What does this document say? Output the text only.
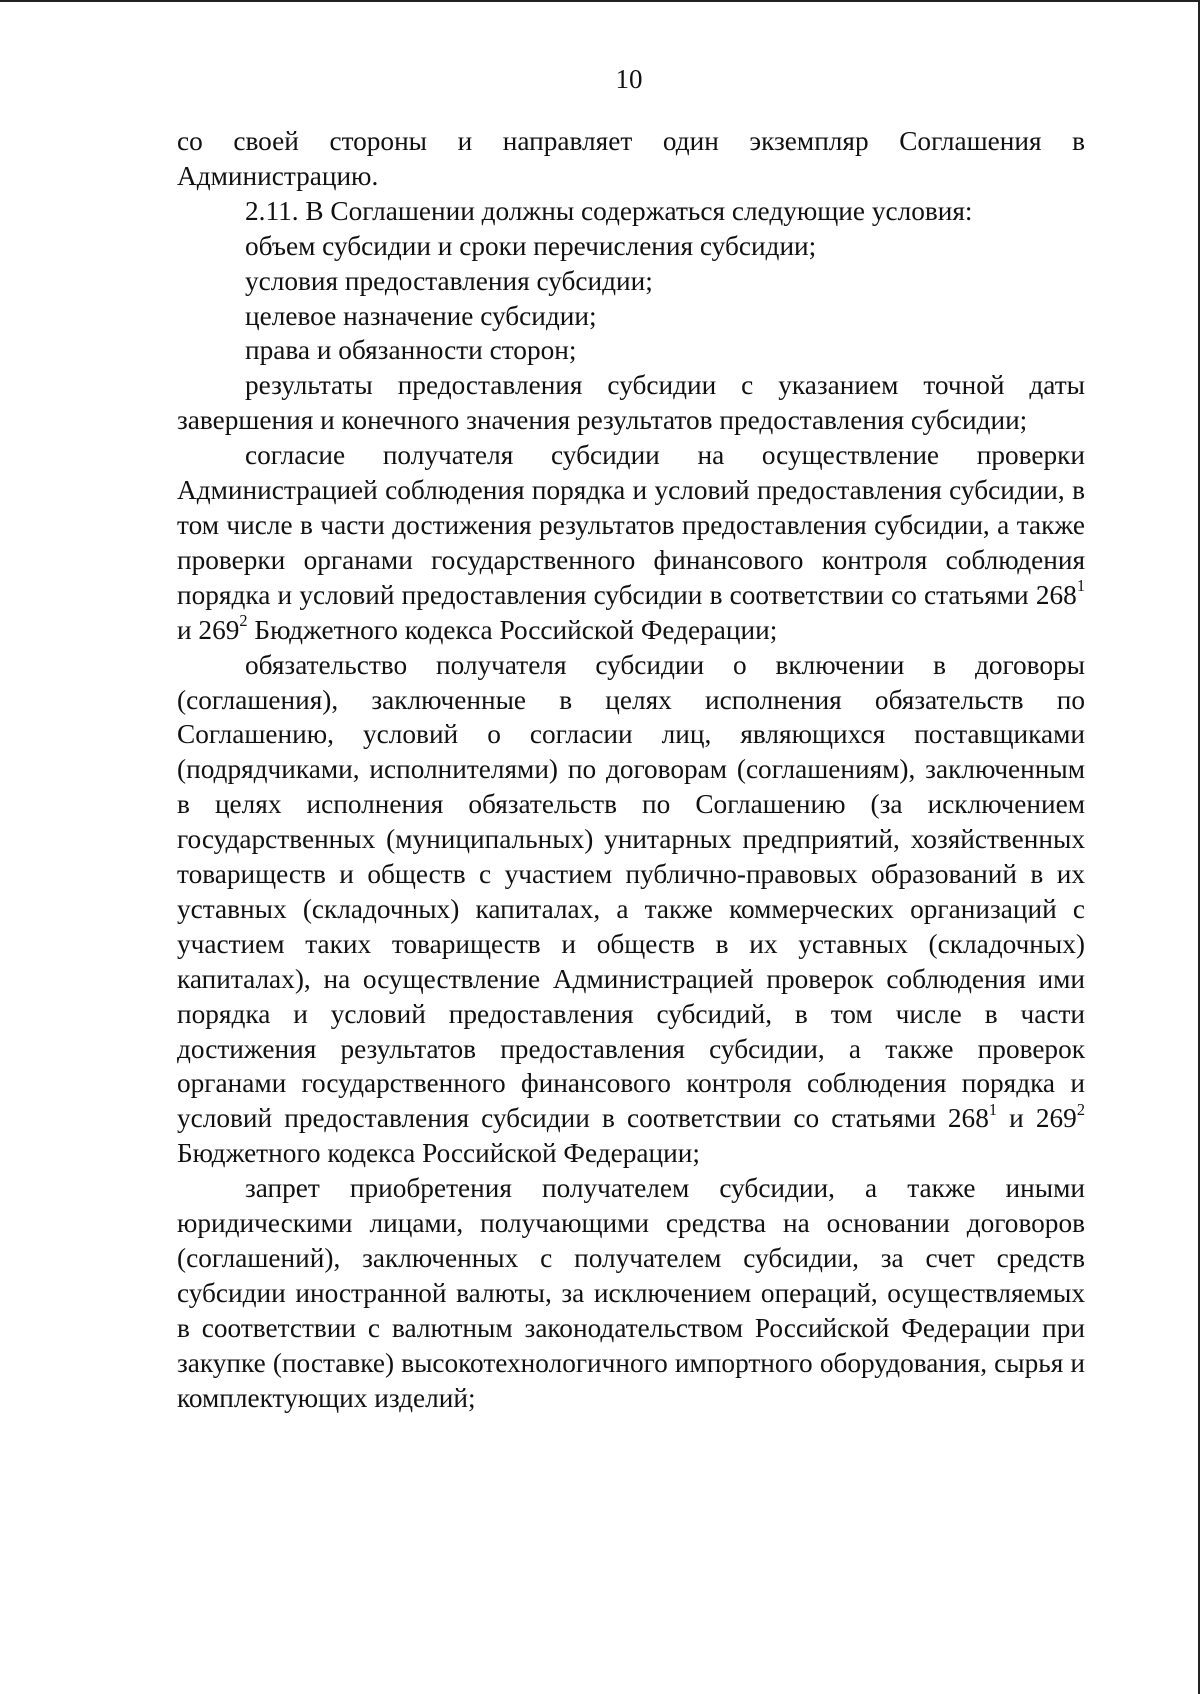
10

со своей стороны и направляет один экземпляр Соглашения в Администрацию.

2.11. В Соглашении должны содержаться следующие условия:

объем субсидии и сроки перечисления субсидии;

условия предоставления субсидии;

целевое назначение субсидии;

права и обязанности сторон;

результаты предоставления субсидии с указанием точной даты завершения и конечного значения результатов предоставления субсидии;

согласие получателя субсидии на осуществление проверки Администрацией соблюдения порядка и условий предоставления субсидии, в том числе в части достижения результатов предоставления субсидии, а также проверки органами государственного финансового контроля соблюдения порядка и условий предоставления субсидии в соответствии со статьями $268^1$ и $269^2$ Бюджетного кодекса Российской Федерации;

обязательство получателя субсидии о включении в договоры (соглашения), заключенные в целях исполнения обязательств по Соглашению, условий о согласии лиц, являющихся поставщиками (подрядчиками, исполнителями) по договорам (соглашениям), заключенным в целях исполнения обязательств по Соглашению (за исключением государственных (муниципальных) унитарных предприятий, хозяйственных товариществ и обществ с участием публично-правовых образований в их уставных (складочных) капиталах, а также коммерческих организаций с участием таких товариществ и обществ в их уставных (складочных) капиталах), на осуществление Администрацией проверок соблюдения ими порядка и условий предоставления субсидий, в том числе в части достижения результатов предоставления субсидии, а также проверок органами государственного финансового контроля соблюдения порядка и условий предоставления субсидии в соответствии со статьями $268^1$ и $269^2$ Бюджетного кодекса Российской Федерации;

запрет приобретения получателем субсидии, а также иными юридическими лицами, получающими средства на основании договоров (соглашений), заключенных с получателем субсидии, за счет средств субсидии иностранной валюты, за исключением операций, осуществляемых в соответствии с валютным законодательством Российской Федерации при закупке (поставке) высокотехнологичного импортного оборудования, сырья и комплектующих изделий;
